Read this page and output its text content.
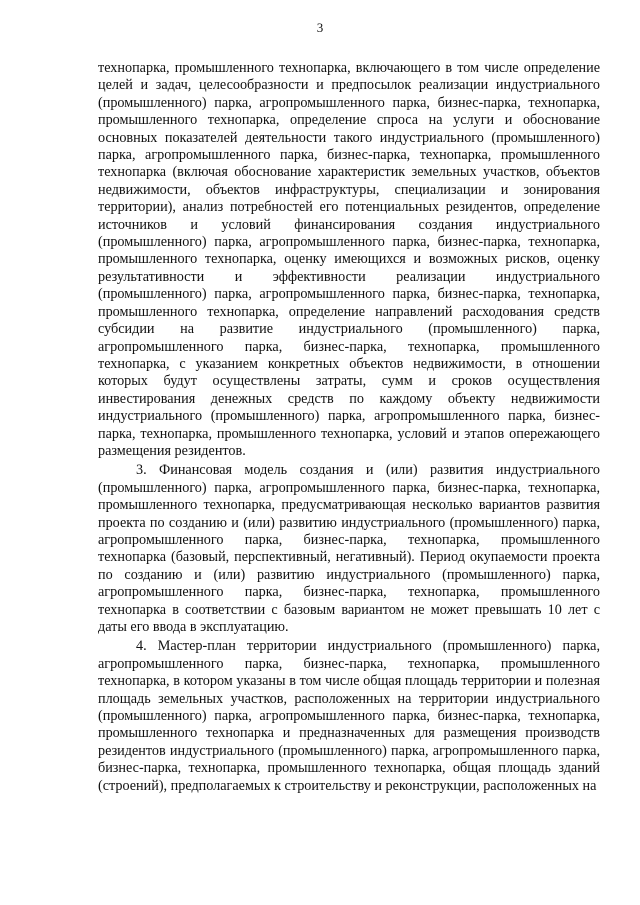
3

технопарка, промышленного технопарка, включающего в том числе определение целей и задач, целесообразности и предпосылок реализации индустриального (промышленного) парка, агропромышленного парка, бизнес-парка, технопарка, промышленного технопарка, определение спроса на услуги и обоснование основных показателей деятельности такого индустриального (промышленного) парка, агропромышленного парка, бизнес-парка, технопарка, промышленного технопарка (включая обоснование характеристик земельных участков, объектов недвижимости, объектов инфраструктуры, специализации и зонирования территории), анализ потребностей его потенциальных резидентов, определение источников и условий финансирования создания индустриального (промышленного) парка, агропромышленного парка, бизнес-парка, технопарка, промышленного технопарка, оценку имеющихся и возможных рисков, оценку результативности и эффективности реализации индустриального (промышленного) парка, агропромышленного парка, бизнес-парка, технопарка, промышленного технопарка, определение направлений расходования средств субсидии на развитие индустриального (промышленного) парка, агропромышленного парка, бизнес-парка, технопарка, промышленного технопарка, с указанием конкретных объектов недвижимости, в отношении которых будут осуществлены затраты, сумм и сроков осуществления инвестирования денежных средств по каждому объекту недвижимости индустриального (промышленного) парка, агропромышленного парка, бизнес-парка, технопарка, промышленного технопарка, условий и этапов опережающего размещения резидентов.

3. Финансовая модель создания и (или) развития индустриального (промышленного) парка, агропромышленного парка, бизнес-парка, технопарка, промышленного технопарка, предусматривающая несколько вариантов развития проекта по созданию и (или) развитию индустриального (промышленного) парка, агропромышленного парка, бизнес-парка, технопарка, промышленного технопарка (базовый, перспективный, негативный). Период окупаемости проекта по созданию и (или) развитию индустриального (промышленного) парка, агропромышленного парка, бизнес-парка, технопарка, промышленного технопарка в соответствии с базовым вариантом не может превышать 10 лет с даты его ввода в эксплуатацию.

4. Мастер-план территории индустриального (промышленного) парка, агропромышленного парка, бизнес-парка, технопарка, промышленного технопарка, в котором указаны в том числе общая площадь территории и полезная площадь земельных участков, расположенных на территории индустриального (промышленного) парка, агропромышленного парка, бизнес-парка, технопарка, промышленного технопарка и предназначенных для размещения производств резидентов индустриального (промышленного) парка, агропромышленного парка, бизнес-парка, технопарка, промышленного технопарка, общая площадь зданий (строений), предполагаемых к строительству и реконструкции, расположенных на
